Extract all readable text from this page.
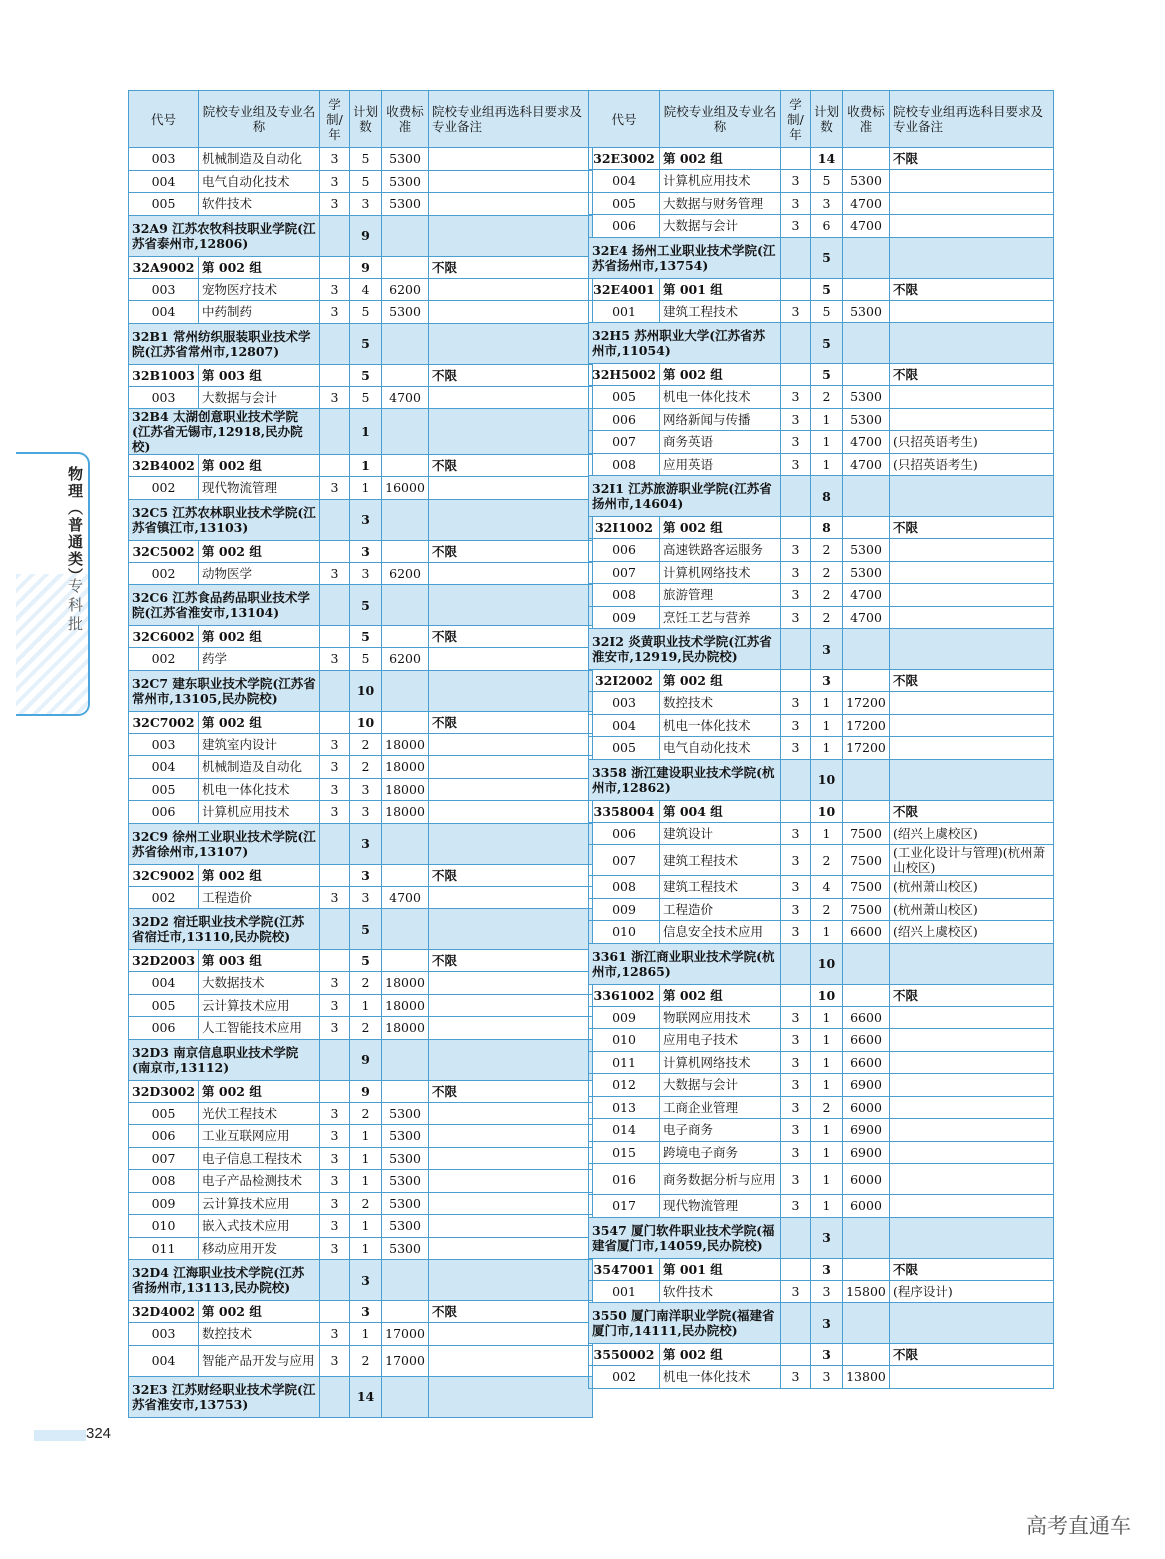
代号	院校专业组及专业名称	学制/年	计划数	收费标准	院校专业组再选科目要求及专业备注
003	机械制造及自动化	3	5	5300	
004	电气自动化技术	3	5	5300	
005	软件技术	3	3	5300	
32A9 江苏农牧科技职业学院(江苏省泰州市,12806)			9		
32A9002	第 002 组		9		不限
003	宠物医疗技术	3	4	6200	
004	中药制药	3	5	5300	
32B1 常州纺织服装职业技术学院(江苏省常州市,12807)			5		
32B1003	第 003 组		5		不限
003	大数据与会计	3	5	4700	
32B4 太湖创意职业技术学院(江苏省无锡市,12918,民办院校)			1		
32B4002	第 002 组		1		不限
002	现代物流管理	3	1	16000	
32C5 江苏农林职业技术学院(江苏省镇江市,13103)			3		
32C5002	第 002 组		3		不限
002	动物医学	3	3	6200	
32C6 江苏食品药品职业技术学院(江苏省淮安市,13104)			5		
32C6002	第 002 组		5		不限
002	药学	3	5	6200	
32C7 建东职业技术学院(江苏省常州市,13105,民办院校)			10		
32C7002	第 002 组		10		不限
003	建筑室内设计	3	2	18000	
004	机械制造及自动化	3	2	18000	
005	机电一体化技术	3	3	18000	
006	计算机应用技术	3	3	18000	
32C9 徐州工业职业技术学院(江苏省徐州市,13107)			3		
32C9002	第 002 组		3		不限
002	工程造价	3	3	4700	
32D2 宿迁职业技术学院(江苏省宿迁市,13110,民办院校)			5		
32D2003	第 003 组		5		不限
004	大数据技术	3	2	18000	
005	云计算技术应用	3	1	18000	
006	人工智能技术应用	3	2	18000	
32D3 南京信息职业技术学院(南京市,13112)			9		
32D3002	第 002 组		9		不限
005	光伏工程技术	3	2	5300	
006	工业互联网应用	3	1	5300	
007	电子信息工程技术	3	1	5300	
008	电子产品检测技术	3	1	5300	
009	云计算技术应用	3	2	5300	
010	嵌入式技术应用	3	1	5300	
011	移动应用开发	3	1	5300	
32D4 江海职业技术学院(江苏省扬州市,13113,民办院校)			3		
32D4002	第 002 组		3		不限
003	数控技术	3	1	17000	
004	智能产品开发与应用	3	2	17000	
32E3 江苏财经职业技术学院(江苏省淮安市,13753)			14		
代号	院校专业组及专业名称	学制/年	计划数	收费标准	院校专业组再选科目要求及专业备注
32E3002	第 002 组		14		不限
004	计算机应用技术	3	5	5300	
005	大数据与财务管理	3	3	4700	
006	大数据与会计	3	6	4700	
32E4 扬州工业职业技术学院(江苏省扬州市,13754)			5		
32E4001	第 001 组		5		不限
001	建筑工程技术	3	5	5300	
32H5 苏州职业大学(江苏省苏州市,11054)			5		
32H5002	第 002 组		5		不限
005	机电一体化技术	3	2	5300	
006	网络新闻与传播	3	1	5300	
007	商务英语	3	1	4700	(只招英语考生)
008	应用英语	3	1	4700	(只招英语考生)
32I1 江苏旅游职业学院(江苏省扬州市,14604)			8		
32I1002	第 002 组		8		不限
006	高速铁路客运服务	3	2	5300	
007	计算机网络技术	3	2	5300	
008	旅游管理	3	2	4700	
009	烹饪工艺与营养	3	2	4700	
32I2 炎黄职业技术学院(江苏省淮安市,12919,民办院校)			3		
32I2002	第 002 组		3		不限
003	数控技术	3	1	17200	
004	机电一体化技术	3	1	17200	
005	电气自动化技术	3	1	17200	
3358 浙江建设职业技术学院(杭州市,12862)			10		
3358004	第 004 组		10		不限
006	建筑设计	3	1	7500	(绍兴上虞校区)
007	建筑工程技术	3	2	7500	(工业化设计与管理)(杭州萧山校区)
008	建筑工程技术	3	4	7500	(杭州萧山校区)
009	工程造价	3	2	7500	(杭州萧山校区)
010	信息安全技术应用	3	1	6600	(绍兴上虞校区)
3361 浙江商业职业技术学院(杭州市,12865)			10		
3361002	第 002 组		10		不限
009	物联网应用技术	3	1	6600	
010	应用电子技术	3	1	6600	
011	计算机网络技术	3	1	6600	
012	大数据与会计	3	1	6900	
013	工商企业管理	3	2	6000	
014	电子商务	3	1	6900	
015	跨境电子商务	3	1	6900	
016	商务数据分析与应用	3	1	6000	
017	现代物流管理	3	1	6000	
3547 厦门软件职业技术学院(福建省厦门市,14059,民办院校)			3		
3547001	第 001 组		3		不限
001	软件技术	3	3	15800	(程序设计)
3550 厦门南洋职业学院(福建省厦门市,14111,民办院校)			3		
3550002	第 002 组		3		不限
002	机电一体化技术	3	3	13800	
物理（普通类）
专科批
324
高考直通车
